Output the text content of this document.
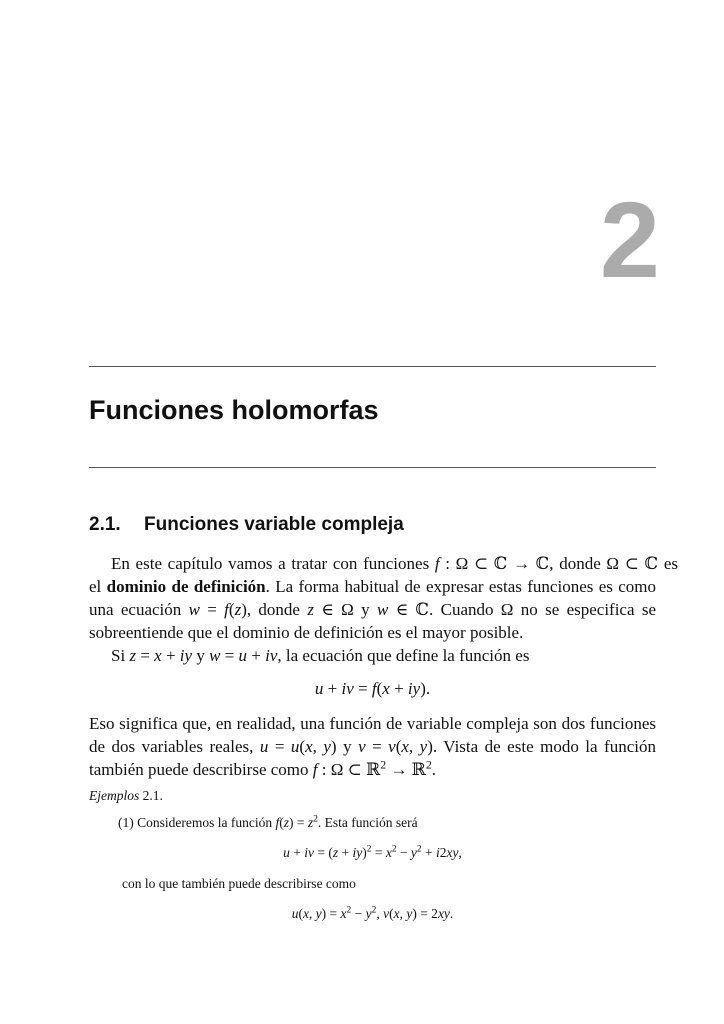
2
Funciones holomorfas
2.1. Funciones variable compleja
En este capítulo vamos a tratar con funciones f : Ω ⊂ ℂ → ℂ, donde Ω ⊂ ℂ es
el dominio de definición. La forma habitual de expresar estas funciones es como
una ecuación w = f(z), donde z ∈ Ω y w ∈ ℂ. Cuando Ω no se especifica se
sobreentiende que el dominio de definición es el mayor posible.
Si z = x + iy y w = u + iv, la ecuación que define la función es
u + iv = f(x + iy).
Eso significa que, en realidad, una función de variable compleja son dos funciones
de dos variables reales, u = u(x, y) y v = v(x, y). Vista de este modo la función
también puede describirse como f : Ω ⊂ ℝ$^2$ → ℝ$^2$.
Ejemplos 2.1.
(1) Consideremos la función $f(z) = z^2$. Esta función será
u + iv = $(z + iy)^2 = x^2 - y^2 + i2xy$,
con lo que también puede describirse como
u(x, $y) = x^2 - y^2$, v(x, y) = 2xy.
